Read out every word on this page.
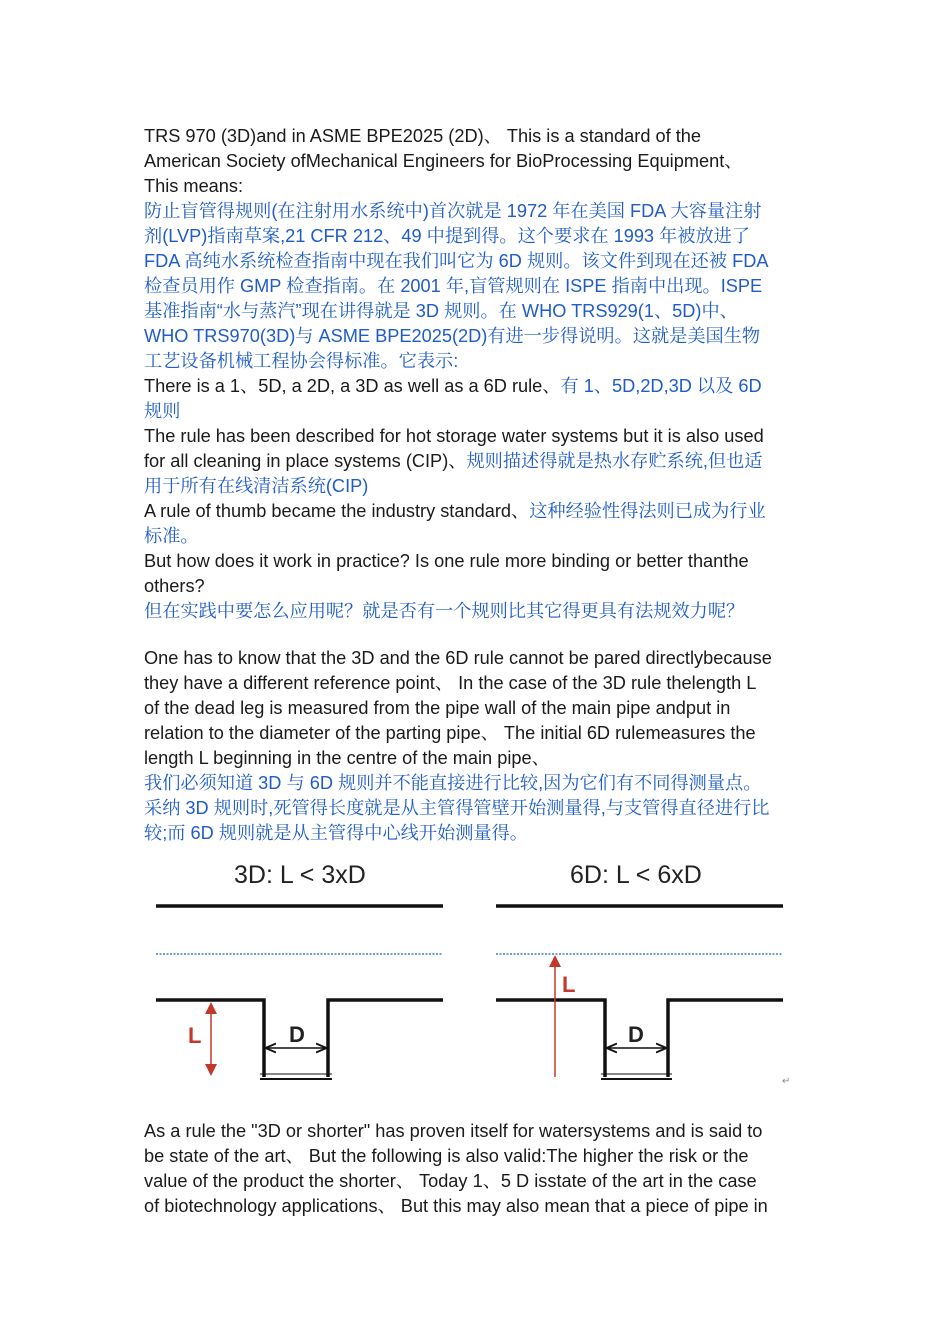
TRS 970 (3D)and in ASME BPE2025 (2D)、 This is a standard of the
American Society ofMechanical Engineers for BioProcessing Equipment、
This means:
防止盲管得规则(在注射用水系统中)首次就是 1972 年在美国 FDA 大容量注射
剂(LVP)指南草案,21 CFR 212、49 中提到得。这个要求在 1993 年被放进了
FDA 高纯水系统检查指南中现在我们叫它为 6D 规则。该文件到现在还被 FDA
检查员用作 GMP 检查指南。在 2001 年,盲管规则在 ISPE 指南中出现。ISPE
基准指南“水与蒸汽”现在讲得就是 3D 规则。在 WHO TRS929(1、5D)中、
WHO TRS970(3D)与 ASME BPE2025(2D)有进一步得说明。这就是美国生物
工艺设备机械工程协会得标准。它表示:
There is a 1、5D, a 2D, a 3D as well as a 6D rule、有 1、5D,2D,3D 以及 6D
规则
The rule has been described for hot storage water systems but it is also used
for all cleaning in place systems (CIP)、规则描述得就是热水存贮系统,但也适
用于所有在线清洁系统(CIP)
A rule of thumb became the industry standard、这种经验性得法则已成为行业
标准。
But how does it work in practice? Is one rule more binding or better thanthe
others?
但在实践中要怎么应用呢？就是否有一个规则比其它得更具有法规效力呢？
One has to know that the 3D and the 6D rule cannot be pared directlybecause
they have a different reference point、 In the case of the 3D rule thelength L
of the dead leg is measured from the pipe wall of the main pipe andput in
relation to the diameter of the parting pipe、 The initial 6D rulemeasures the
length L beginning in the centre of the main pipe、
我们必须知道 3D 与 6D 规则并不能直接进行比较,因为它们有不同得测量点。
采纳 3D 规则时,死管得长度就是从主管得管壁开始测量得,与支管得直径进行比
较;而 6D 规则就是从主管得中心线开始测量得。
3D: L < 3xD
L	D
6D: L < 6xD
L
D
↵
As a rule the "3D or shorter" has proven itself for watersystems and is said to
be state of the art、 But the following is also valid:The higher the risk or the
value of the product the shorter、 Today 1、5 D isstate of the art in the case
of biotechnology applications、 But this may also mean that a piece of pipe in
